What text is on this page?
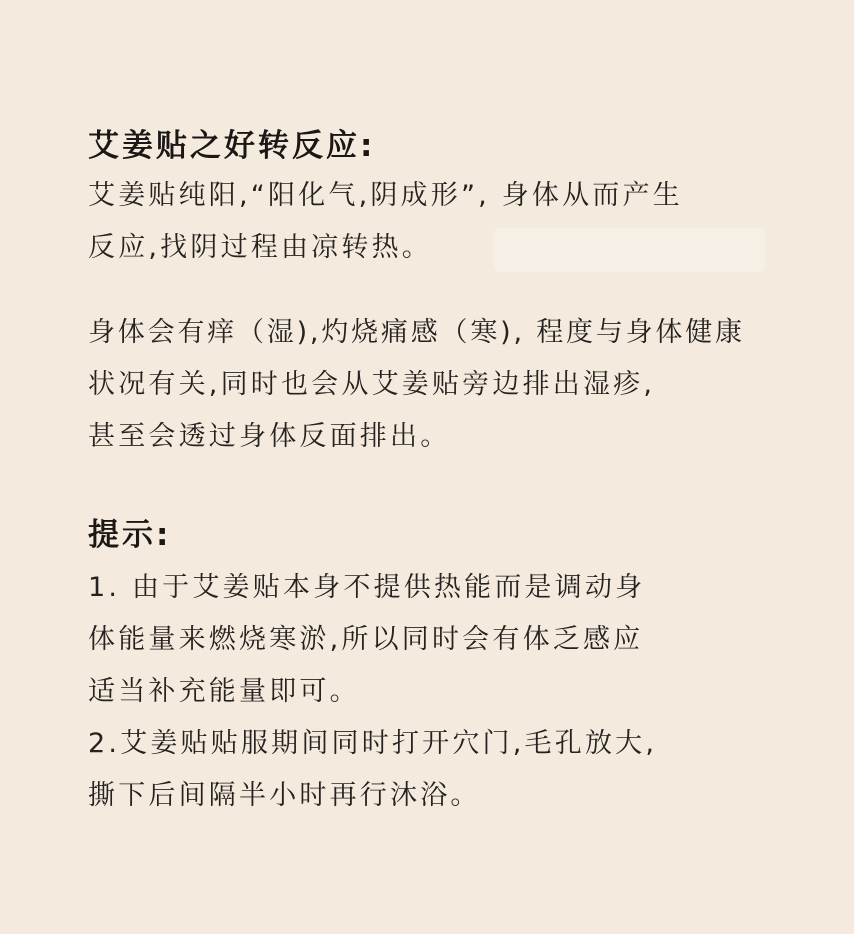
艾姜贴之好转反应:

艾姜贴纯阳,“阳化气,阴成形”, 身体从而产生

反应,找阴过程由凉转热。

身体会有痒（湿),灼烧痛感（寒), 程度与身体健康

状况有关,同时也会从艾姜贴旁边排出湿疹,

甚至会透过身体反面排出。

提示:

1. 由于艾姜贴本身不提供热能而是调动身

体能量来燃烧寒淤,所以同时会有体乏感应

适当补充能量即可。

2.艾姜贴贴服期间同时打开穴门,毛孔放大,

撕下后间隔半小时再行沐浴。
